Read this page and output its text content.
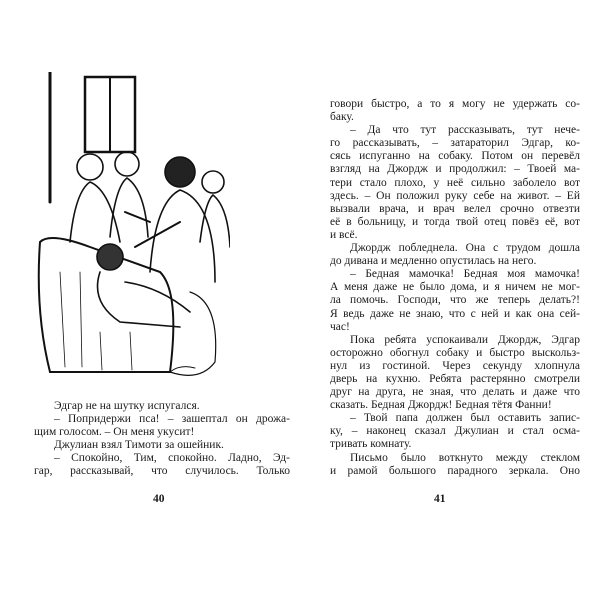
Эдгар не на шутку испугался.
– Попридержи пса! – зашептал он дрожа-
щим голосом. – Он меня укусит!
Джулиан взял Тимоти за ошейник.
– Спокойно, Тим, спокойно. Ладно, Эд-
гар, рассказывай, что случилось. Только
40
говори быстро, а то я могу не удержать со-
баку.
– Да что тут рассказывать, тут нече-
го рассказывать, – затараторил Эдгар, ко-
сясь испуганно на собаку. Потом он перевёл
взгляд на Джордж и продолжил: – Твоей ма-
тери стало плохо, у неё сильно заболело вот
здесь. – Он положил руку себе на живот. – Ей
вызвали врача, и врач велел срочно отвезти
её в больницу, и тогда твой отец повёз её, вот
и всё.
Джордж побледнела. Она с трудом дошла
до дивана и медленно опустилась на него.
– Бедная мамочка! Бедная моя мамочка!
А меня даже не было дома, и я ничем не мог-
ла помочь. Господи, что же теперь делать?!
Я ведь даже не знаю, что с ней и как она сей-
час!
Пока ребята успокаивали Джордж, Эдгар
осторожно обогнул собаку и быстро выскольз-
нул из гостиной. Через секунду хлопнула
дверь на кухню. Ребята растерянно смотрели
друг на друга, не зная, что делать и даже что
сказать. Бедная Джордж! Бедная тётя Фанни!
– Твой папа должен был оставить запис-
ку, – наконец сказал Джулиан и стал осма-
тривать комнату.
Письмо было воткнуто между стеклом
и рамой большого парадного зеркала. Оно
41
